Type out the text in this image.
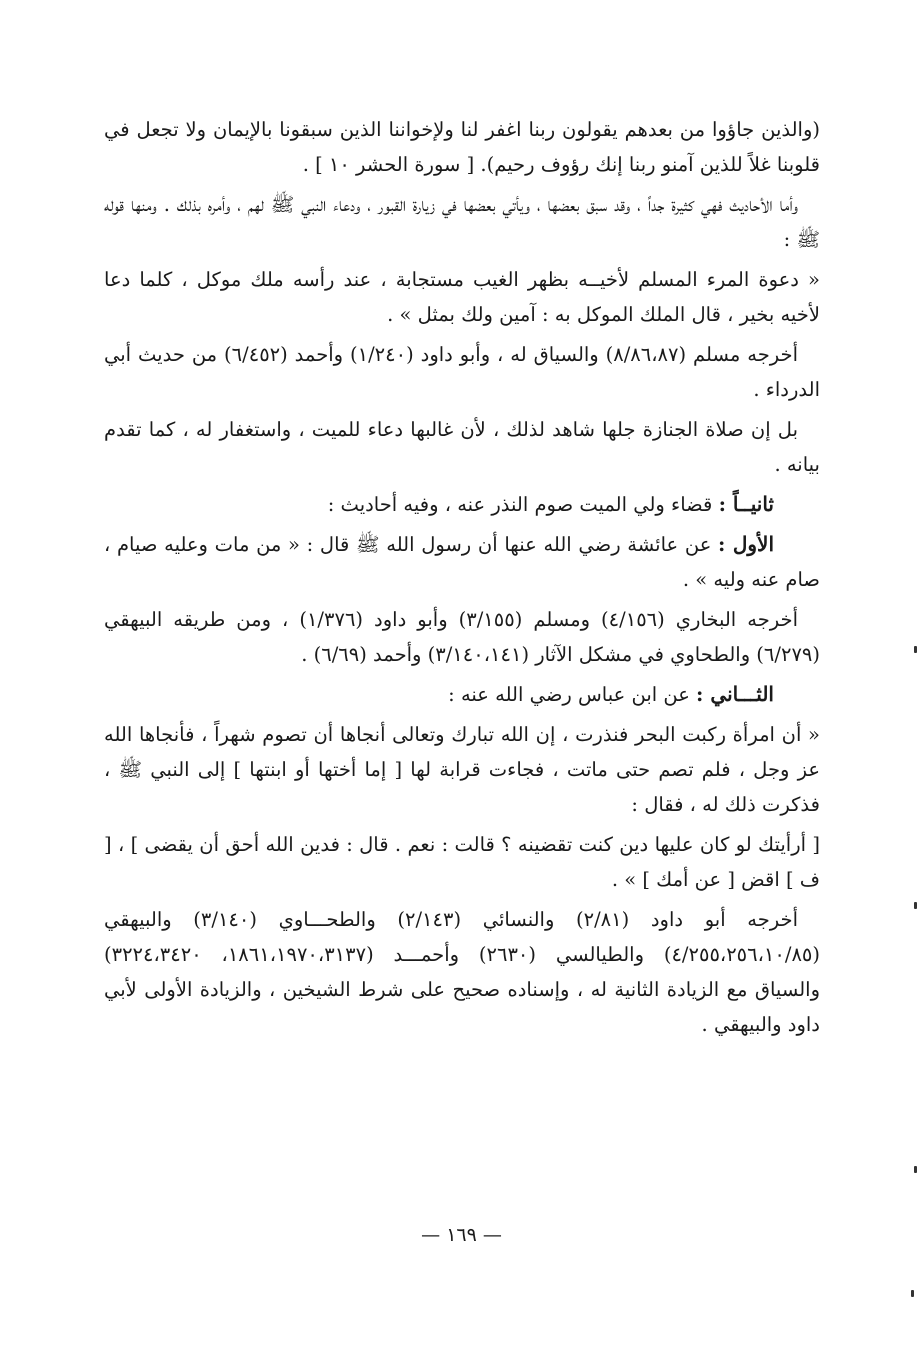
(والذين جاؤوا من بعدهم يقولون ربنا اغفر لنا ولإخواننا الذين سبقونا بالإيمان ولا تجعل في قلوبنا غلاً للذين آمنو ربنا إنك رؤوف رحيم). [ سورة الحشر ١٠ ] .

وأما الأحاديث فهي كثيرة جداً ، وقد سبق بعضها ، ويأتي بعضها في زيارة القبور ، ودعاء النبي ﷺ لهم ، وأمره بذلك . ومنها قوله ﷺ :

« دعوة المرء المسلم لأخيــه بظهر الغيب مستجابة ، عند رأسه ملك موكل ، كلما دعا لأخيه بخير ، قال الملك الموكل به : آمين ولك بمثل » .

أخرجه مسلم (٨/٨٦،٨٧) والسياق له ، وأبو داود (١/٢٤٠) وأحمد (٦/٤٥٢) من حديث أبي الدرداء .

بل إن صلاة الجنازة جلها شاهد لذلك ، لأن غالبها دعاء للميت ، واستغفار له ، كما تقدم بيانه .

ثانيــاً : قضاء ولي الميت صوم النذر عنه ، وفيه أحاديث :

الأول : عن عائشة رضي الله عنها أن رسول الله ﷺ قال : « من مات وعليه صيام ، صام عنه وليه » .

أخرجه البخاري (٤/١٥٦) ومسلم (٣/١٥٥) وأبو داود (١/٣٧٦) ، ومن طريقه البيهقي (٦/٢٧٩) والطحاوي في مشكل الآثار (٣/١٤٠،١٤١) وأحمد (٦/٦٩) .

الثـــاني : عن ابن عباس رضي الله عنه :

« أن امرأة ركبت البحر فنذرت ، إن الله تبارك وتعالى أنجاها أن تصوم شهراً ، فأنجاها الله عز وجل ، فلم تصم حتى ماتت ، فجاءت قرابة لها [ إما أختها أو ابنتها ] إلى النبي ﷺ ، فذكرت ذلك له ، فقال :

[ أرأيتك لو كان عليها دين كنت تقضينه ؟ قالت : نعم . قال : فدين الله أحق أن يقضى ] ، [ ف ] اقض [ عن أمك ] » .

أخرجه أبو داود (٢/٨١) والنسائي (٢/١٤٣) والطحـــاوي (٣/١٤٠) والبيهقي (٤/٢٥٥،٢٥٦،١٠/٨٥) والطيالسي (٢٦٣٠) وأحمـــد (١٨٦١،١٩٧٠،٣١٣٧، ٣٢٢٤،٣٤٢٠) والسياق مع الزيادة الثانية له ، وإسناده صحيح على شرط الشيخين ، والزيادة الأولى لأبي داود والبيهقي .

— ١٦٩ —
